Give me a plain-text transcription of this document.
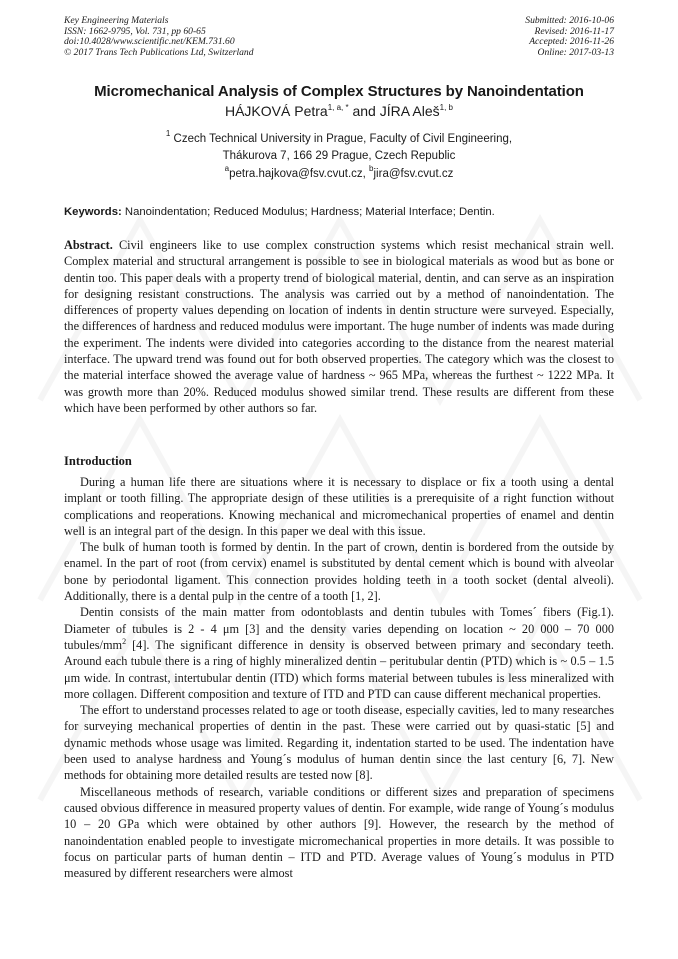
Key Engineering Materials
ISSN: 1662-9795, Vol. 731, pp 60-65
doi:10.4028/www.scientific.net/KEM.731.60
© 2017 Trans Tech Publications Ltd, Switzerland
Submitted: 2016-10-06
Revised: 2016-11-17
Accepted: 2016-11-26
Online: 2017-03-13
Micromechanical Analysis of Complex Structures by Nanoindentation
HÁJKOVÁ Petra$^{1, a, *}$ and JÍRA Aleš$^{1, b}$
$^1$ Czech Technical University in Prague, Faculty of Civil Engineering,
Thákurova 7, 166 29 Prague, Czech Republic
$^a$petra.hajkova@fsv.cvut.cz, $^b$jira@fsv.cvut.cz
Keywords: Nanoindentation; Reduced Modulus; Hardness; Material Interface; Dentin.

Abstract. Civil engineers like to use complex construction systems which resist mechanical strain well. Complex material and structural arrangement is possible to see in biological materials as wood but as bone or dentin too. This paper deals with a property trend of biological material, dentin, and can serve as an inspiration for designing resistant constructions. The analysis was carried out by a method of nanoindentation. The differences of property values depending on location of indents in dentin structure were surveyed. Especially, the differences of hardness and reduced modulus were important. The huge number of indents was made during the experiment. The indents were divided into categories according to the distance from the nearest material interface. The upward trend was found out for both observed properties. The category which was the closest to the material interface showed the average value of hardness ~ 965 MPa, whereas the furthest ~ 1222 MPa. It was growth more than 20%. Reduced modulus showed similar trend. These results are different from these which have been performed by other authors so far.

Introduction

During a human life there are situations where it is necessary to displace or fix a tooth using a dental implant or tooth filling. The appropriate design of these utilities is a prerequisite of a right function without complications and reoperations. Knowing mechanical and micromechanical properties of enamel and dentin well is an integral part of the design. In this paper we deal with this issue.

The bulk of human tooth is formed by dentin. In the part of crown, dentin is bordered from the outside by enamel. In the part of root (from cervix) enamel is substituted by dental cement which is bound with alveolar bone by periodontal ligament. This connection provides holding teeth in a tooth socket (dental alveoli). Additionally, there is a dental pulp in the centre of a tooth [1, 2].

Dentin consists of the main matter from odontoblasts and dentin tubules with Tomes´ fibers (Fig.1). Diameter of tubules is 2 - 4 μm [3] and the density varies depending on location ~ 20 000 – 70 000 tubules/$mm^2$ [4]. The significant difference in density is observed between primary and secondary teeth. Around each tubule there is a ring of highly mineralized dentin – peritubular dentin (PTD) which is ~ 0.5 – 1.5 μm wide. In contrast, intertubular dentin (ITD) which forms material between tubules is less mineralized with more collagen. Different composition and texture of ITD and PTD can cause different mechanical properties.

The effort to understand processes related to age or tooth disease, especially cavities, led to many researches for surveying mechanical properties of dentin in the past. These were carried out by quasi-static [5] and dynamic methods whose usage was limited. Regarding it, indentation started to be used. The indentation have been used to analyse hardness and Young´s modulus of human dentin since the last century [6, 7]. New methods for obtaining more detailed results are tested now [8].

Miscellaneous methods of research, variable conditions or different sizes and preparation of specimens caused obvious difference in measured property values of dentin. For example, wide range of Young´s modulus 10 – 20 GPa which were obtained by other authors [9]. However, the research by the method of nanoindentation enabled people to investigate micromechanical properties in more details. It was possible to focus on particular parts of human dentin – ITD and PTD. Average values of Young´s modulus in PTD measured by different researchers were almost
